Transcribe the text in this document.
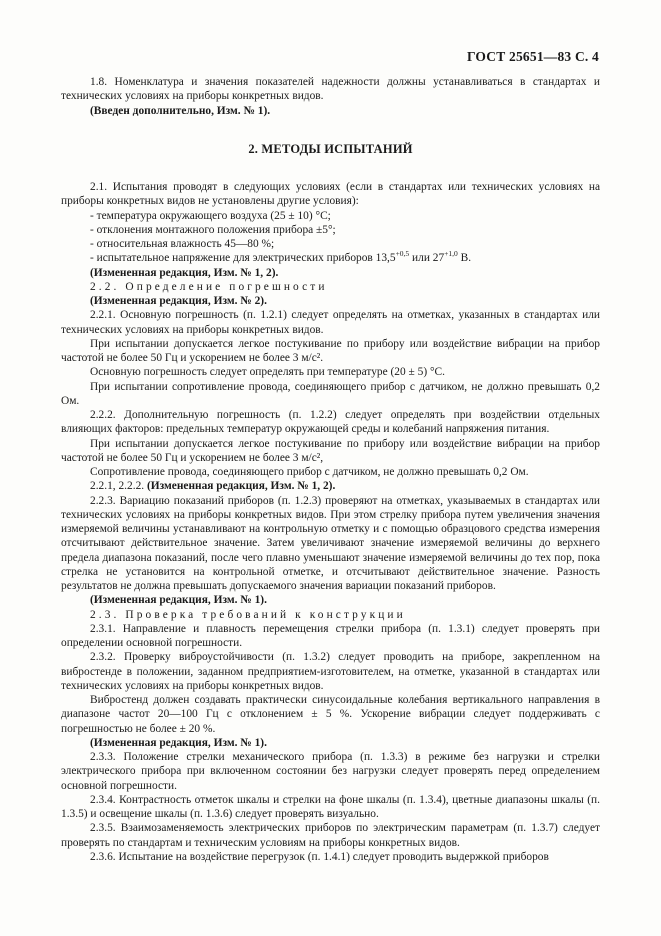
ГОСТ 25651—83 С. 4

1.8. Номенклатура и значения показателей надежности должны устанавливаться в стандартах и технических условиях на приборы конкретных видов.

(Введен дополнительно, Изм. № 1).

2. МЕТОДЫ ИСПЫТАНИЙ

2.1. Испытания проводят в следующих условиях (если в стандартах или технических условиях на приборы конкретных видов не установлены другие условия):

- температура окружающего воздуха (25 ± 10) °С;

- отклонения монтажного положения прибора ±5°;

- относительная влажность 45—80 %;

- испытательное напряжение для электрических приборов $13,5^{+0,5}$ или $27^{+1,0}$ В.

(Измененная редакция, Изм. № 1, 2).

2.2. Определение погрешности

(Измененная редакция, Изм. № 2).

2.2.1. Основную погрешность (п. 1.2.1) следует определять на отметках, указанных в стандартах или технических условиях на приборы конкретных видов.

При испытании допускается легкое постукивание по прибору или воздействие вибрации на прибор частотой не более 50 Гц и ускорением не более 3 м/с².

Основную погрешность следует определять при температуре (20 ± 5) °С.

При испытании сопротивление провода, соединяющего прибор с датчиком, не должно превышать 0,2 Ом.

2.2.2. Дополнительную погрешность (п. 1.2.2) следует определять при воздействии отдельных влияющих факторов: предельных температур окружающей среды и колебаний напряжения питания.

При испытании допускается легкое постукивание по прибору или воздействие вибрации на прибор частотой не более 50 Гц и ускорением не более 3 м/с²,

Сопротивление провода, соединяющего прибор с датчиком, не должно превышать 0,2 Ом.

2.2.1, 2.2.2. (Измененная редакция, Изм. № 1, 2).

2.2.3. Вариацию показаний приборов (п. 1.2.3) проверяют на отметках, указываемых в стандартах или технических условиях на приборы конкретных видов. При этом стрелку прибора путем увеличения значения измеряемой величины устанавливают на контрольную отметку и с помощью образцового средства измерения отсчитывают действительное значение. Затем увеличивают значение измеряемой величины до верхнего предела диапазона показаний, после чего плавно уменьшают значение измеряемой величины до тех пор, пока стрелка не установится на контрольной отметке, и отсчитывают действительное значение. Разность результатов не должна превышать допускаемого значения вариации показаний приборов.

(Измененная редакция, Изм. № 1).

2.3. Проверка требований к конструкции

2.3.1. Направление и плавность перемещения стрелки прибора (п. 1.3.1) следует проверять при определении основной погрешности.

2.3.2. Проверку виброустойчивости (п. 1.3.2) следует проводить на приборе, закрепленном на вибростенде в положении, заданном предприятием-изготовителем, на отметке, указанной в стандартах или технических условиях на приборы конкретных видов.

Вибростенд должен создавать практически синусоидальные колебания вертикального направления в диапазоне частот 20—100 Гц с отклонением ± 5 %. Ускорение вибрации следует поддерживать с погрешностью не более ± 20 %.

(Измененная редакция, Изм. № 1).

2.3.3. Положение стрелки механического прибора (п. 1.3.3) в режиме без нагрузки и стрелки электрического прибора при включенном состоянии без нагрузки следует проверять перед определением основной погрешности.

2.3.4. Контрастность отметок шкалы и стрелки на фоне шкалы (п. 1.3.4), цветные диапазоны шкалы (п. 1.3.5) и освещение шкалы (п. 1.3.6) следует проверять визуально.

2.3.5. Взаимозаменяемость электрических приборов по электрическим параметрам (п. 1.3.7) следует проверять по стандартам и техническим условиям на приборы конкретных видов.

2.3.6. Испытание на воздействие перегрузок (п. 1.4.1) следует проводить выдержкой приборов
